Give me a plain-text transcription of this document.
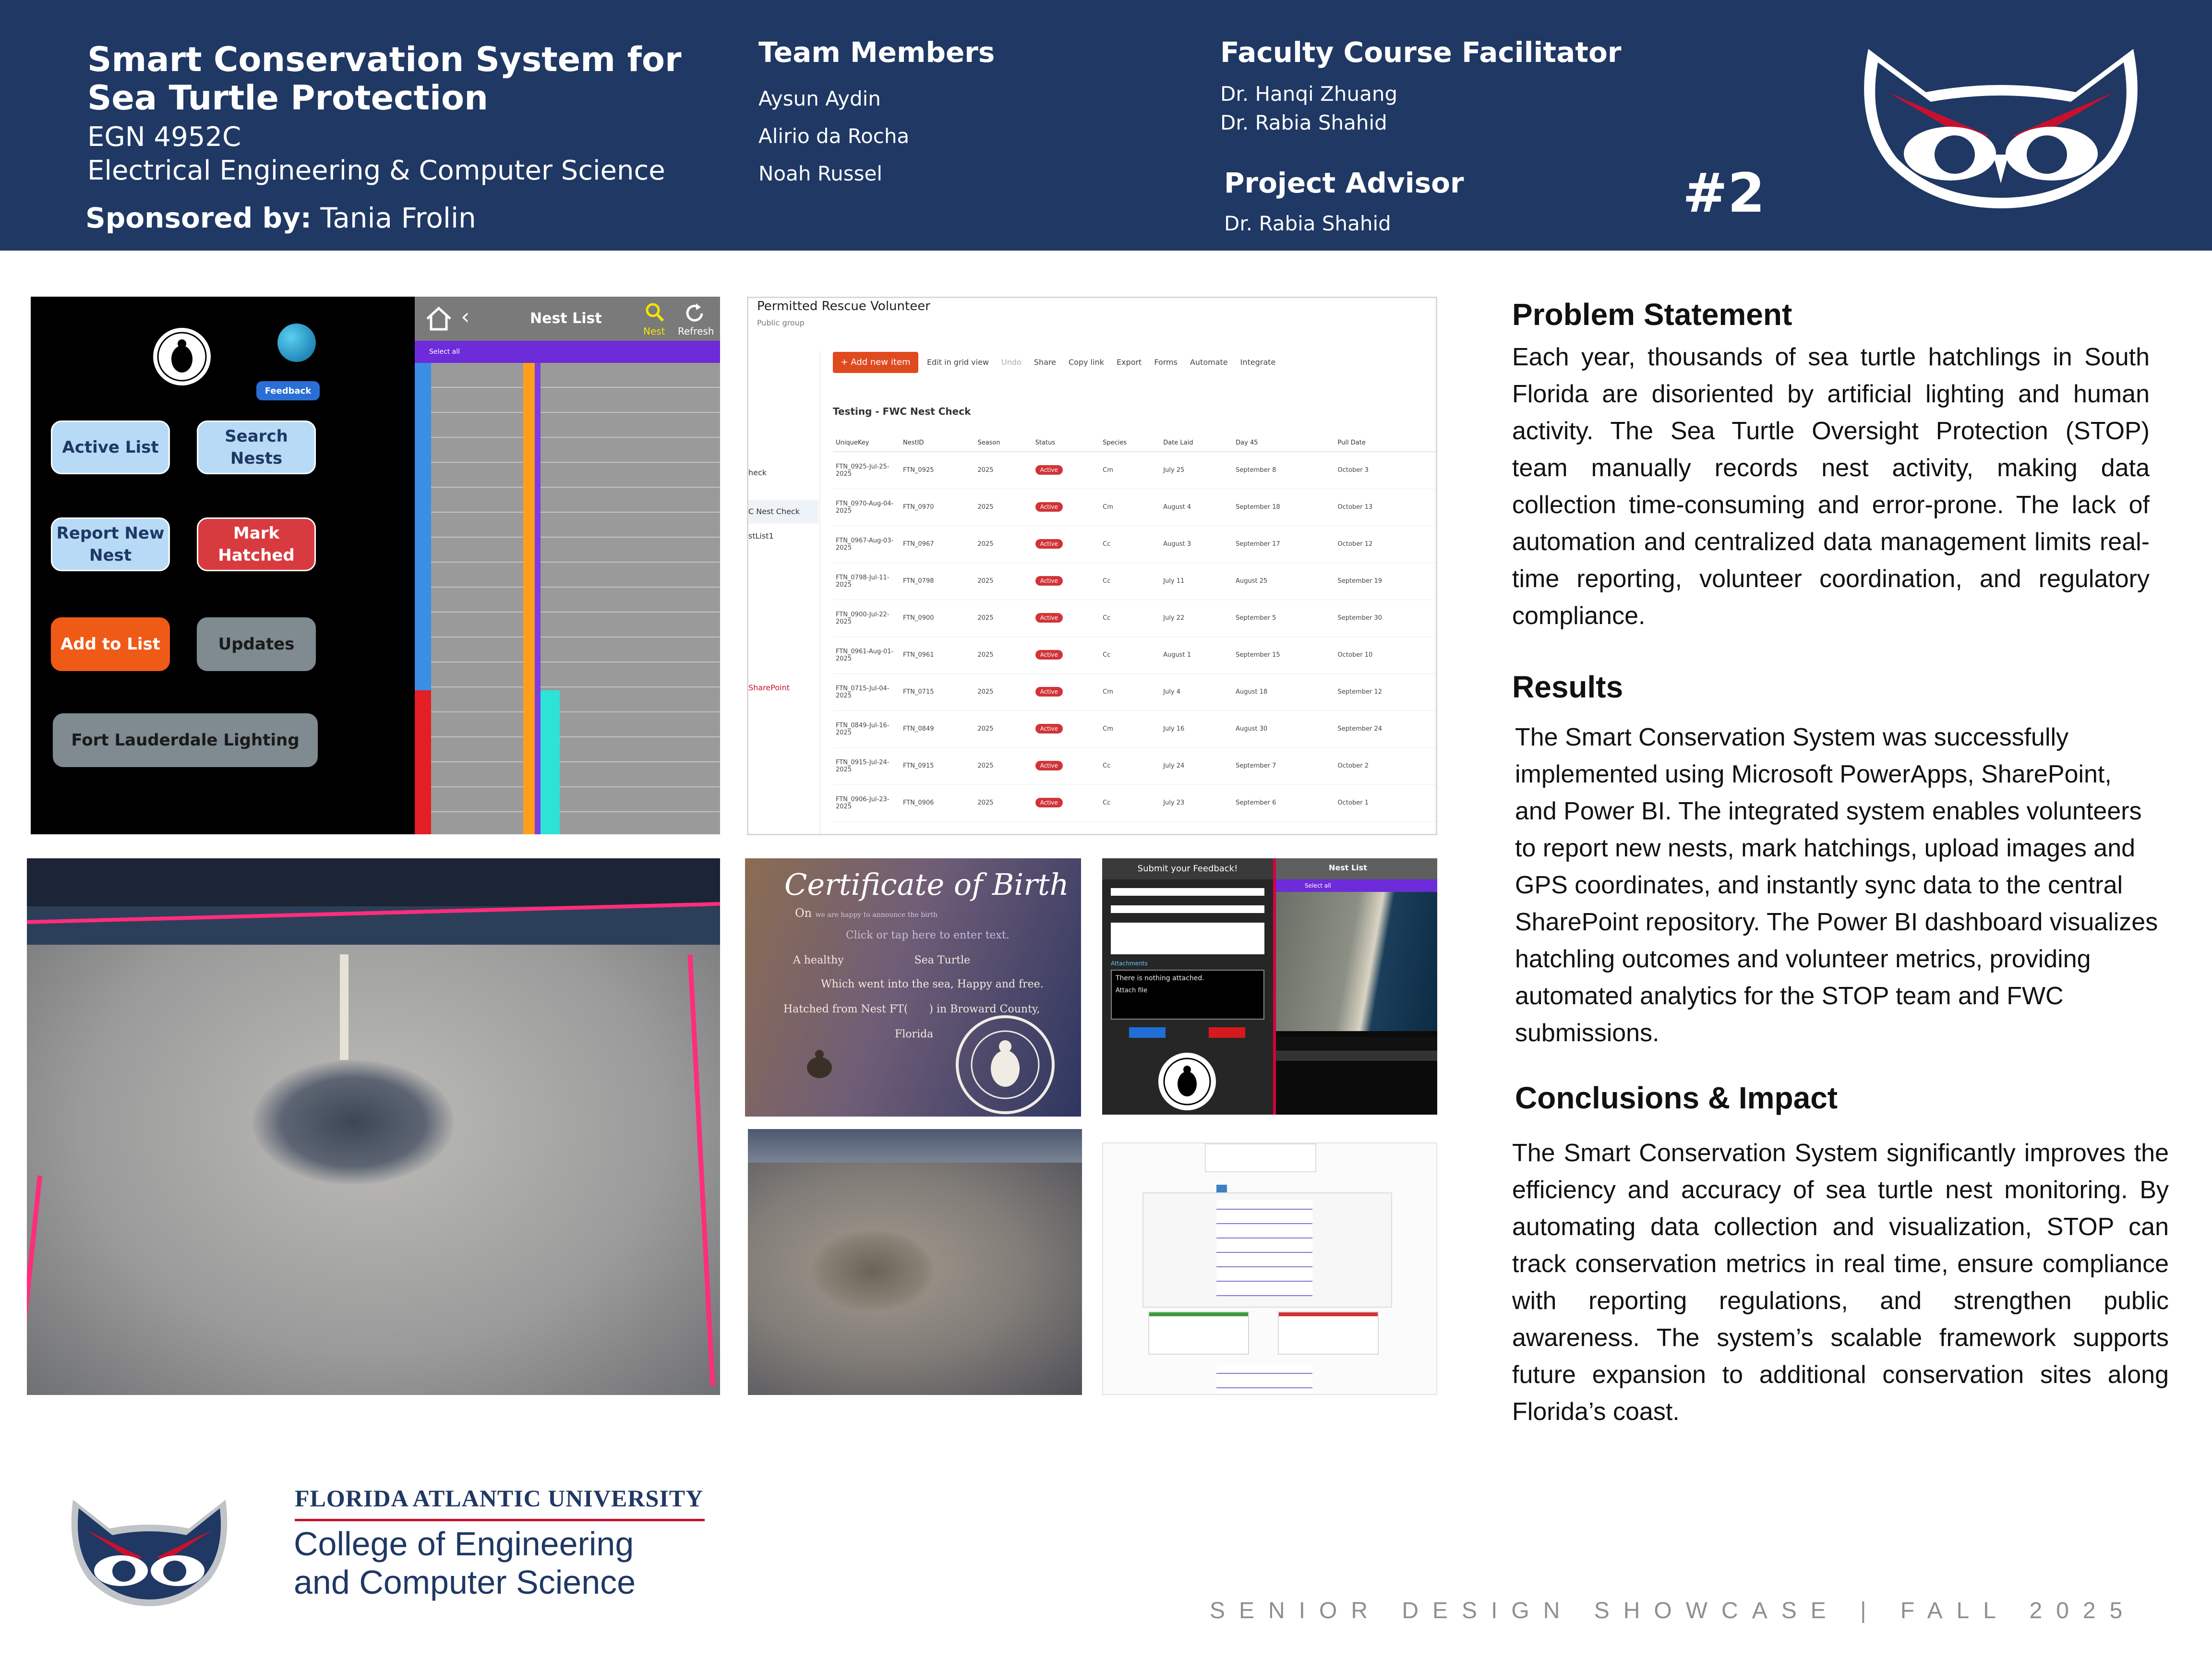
Smart Conservation System for Sea Turtle Protection
EGN 4952C
Electrical Engineering & Computer Science
Sponsored by: Tania Frolin
Team Members
Aysun Aydin
Alirio da Rocha
Noah Russel
Faculty Course Facilitator
Dr. Hanqi Zhuang
Dr. Rabia Shahid
Project Advisor
Dr. Rabia Shahid	#2
Feedback
Active List
Search Nests
Report New Nest
Mark Hatched
Add to List	Updates
Fort Lauderdale Lighting
‹	Nest List
Nest Refresh
Select all
Permitted Rescue Volunteer
Public group
heck
C Nest Check
stList1
SharePoint
+ Add new item	Edit in grid view Undo Share Copy link Export Forms Automate Integrate
Testing - FWC Nest Check
UniqueKey	NestID	Season	Status	Species	Date Laid	Day 45	Pull Date
FTN_0925-Jul-25-2025	FTN_0925	2025	Active	Cm	July 25	September 8	October 3
FTN_0970-Aug-04-2025	FTN_0970	2025	Active	Cm	August 4	September 18	October 13
FTN_0967-Aug-03-2025	FTN_0967	2025	Active	Cc	August 3	September 17	October 12
FTN_0798-Jul-11-2025	FTN_0798	2025	Active	Cc	July 11	August 25	September 19
FTN_0900-Jul-22-2025	FTN_0900	2025	Active	Cc	July 22	September 5	September 30
FTN_0961-Aug-01-2025	FTN_0961	2025	Active	Cc	August 1	September 15	October 10
FTN_0715-Jul-04-2025	FTN_0715	2025	Active	Cm	July 4	August 18	September 12
FTN_0849-Jul-16-2025	FTN_0849	2025	Active	Cm	July 16	August 30	September 24
FTN_0915-Jul-24-2025	FTN_0915	2025	Active	Cc	July 24	September 7	October 2
FTN_0906-Jul-23-2025	FTN_0906	2025	Active	Cc	July 23	September 6	October 1
Certificate of Birth
On we are happy to announce the birth
Click or tap here to enter text.
A healthy	Sea Turtle
Which went into the sea, Happy and free.
Hatched from Nest FT( ) in Broward County,
Florida
Submit your Feedback!
Attachments
There is nothing attached.
Attach file
Nest List
Select all
Problem Statement
Each year, thousands of sea turtle hatchlings in South Florida are disoriented by artificial lighting and human activity. The Sea Turtle Oversight Protection (STOP) team manually records nest activity, making data collection time-consuming and error-prone. The lack of automation and centralized data management limits real-time reporting, volunteer coordination, and regulatory compliance.
Results
The Smart Conservation System was successfully implemented using Microsoft PowerApps, SharePoint, and Power BI. The integrated system enables volunteers to report new nests, mark hatchings, upload images and GPS coordinates, and instantly sync data to the central SharePoint repository. The Power BI dashboard visualizes hatchling outcomes and volunteer metrics, providing automated analytics for the STOP team and FWC submissions.
Conclusions & Impact
The Smart Conservation System significantly improves the efficiency and accuracy of sea turtle nest monitoring. By automating data collection and visualization, STOP can track conservation metrics in real time, ensure compliance with reporting regulations, and strengthen public awareness. The system’s scalable framework supports future expansion to additional conservation sites along Florida’s coast.
FLORIDA ATLANTIC UNIVERSITY
College of Engineering
and Computer Science
SENIOR DESIGN SHOWCASE | FALL 2025
